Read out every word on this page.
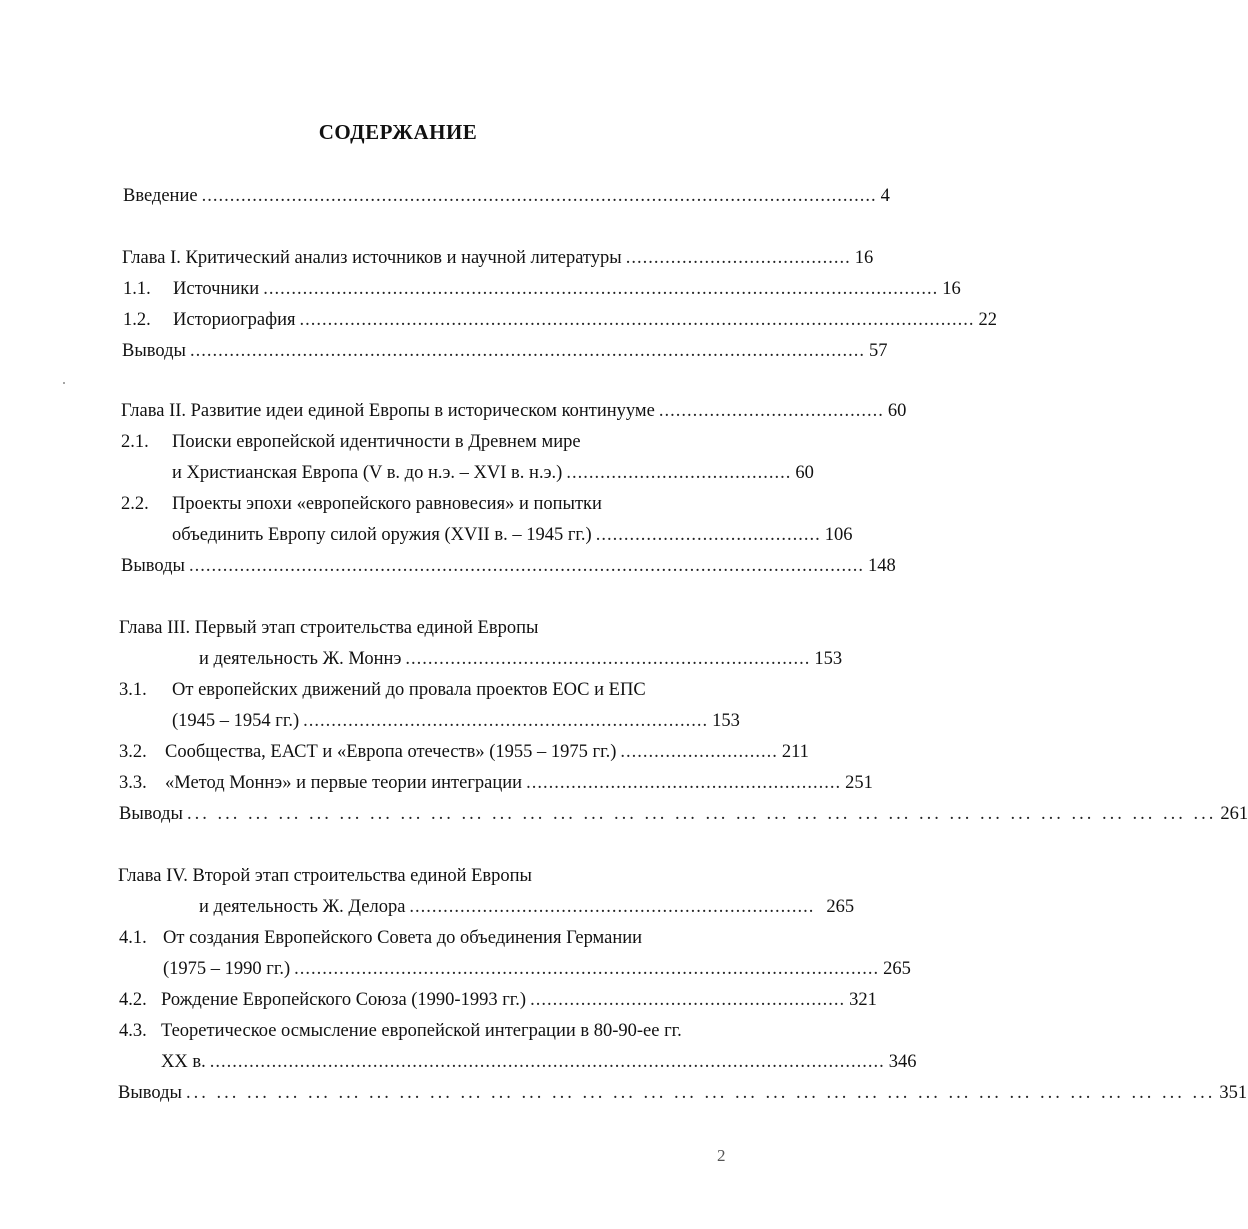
СОДЕРЖАНИЕ
Введение ........................................................................................................................ 4
Глава I. Критический анализ источников и научной литературы ........................................ 16
1.1.	Источники ........................................................................................................................ 16
1.2.	Историография ........................................................................................................................ 22
Выводы ........................................................................................................................ 57
Глава II. Развитие идеи единой Европы в историческом континууме ........................................ 60
2.1. Поиски европейской идентичности в Древнем мире
и Христианская Европа (V в. до н.э. – XVI в. н.э.) ........................................ 60
2.2. Проекты эпохи «европейского равновесия» и попытки
объединить Европу силой оружия (XVII в. – 1945 гг.) ........................................ 106
Выводы ........................................................................................................................ 148
Глава III. Первый этап строительства единой Европы
и деятельность Ж. Моннэ ........................................................................ 153
3.1. От европейских движений до провала проектов ЕОС и ЕПС
(1945 – 1954 гг.) ........................................................................ 153
3.2. Сообщества, ЕАСТ и «Европа отечеств» (1955 – 1975 гг.) ............................ 211
3.3. «Метод Моннэ» и первые теории интеграции ........................................................ 251
Выводы ... ... ... ... ... ... ... ... ... ... ... ... ... ... ... ... ... ... ... ... ... ... ... ... ... ... ... ... ... ... ... ... ... ... 261
Глава IV. Второй этап строительства единой Европы
и деятельность Ж. Делора ........................................................................ 265
4.1. От создания Европейского Совета до объединения Германии
(1975 – 1990 гг.) ........................................................................................................ 265
4.2. Рождение Европейского Союза (1990-1993 гг.) ........................................................ 321
4.3. Теоретическое осмысление европейской интеграции в 80-90-ее гг.
XX в. ........................................................................................................................ 346
Выводы ... ... ... ... ... ... ... ... ... ... ... ... ... ... ... ... ... ... ... ... ... ... ... ... ... ... ... ... ... ... ... ... ... ... 351
2
